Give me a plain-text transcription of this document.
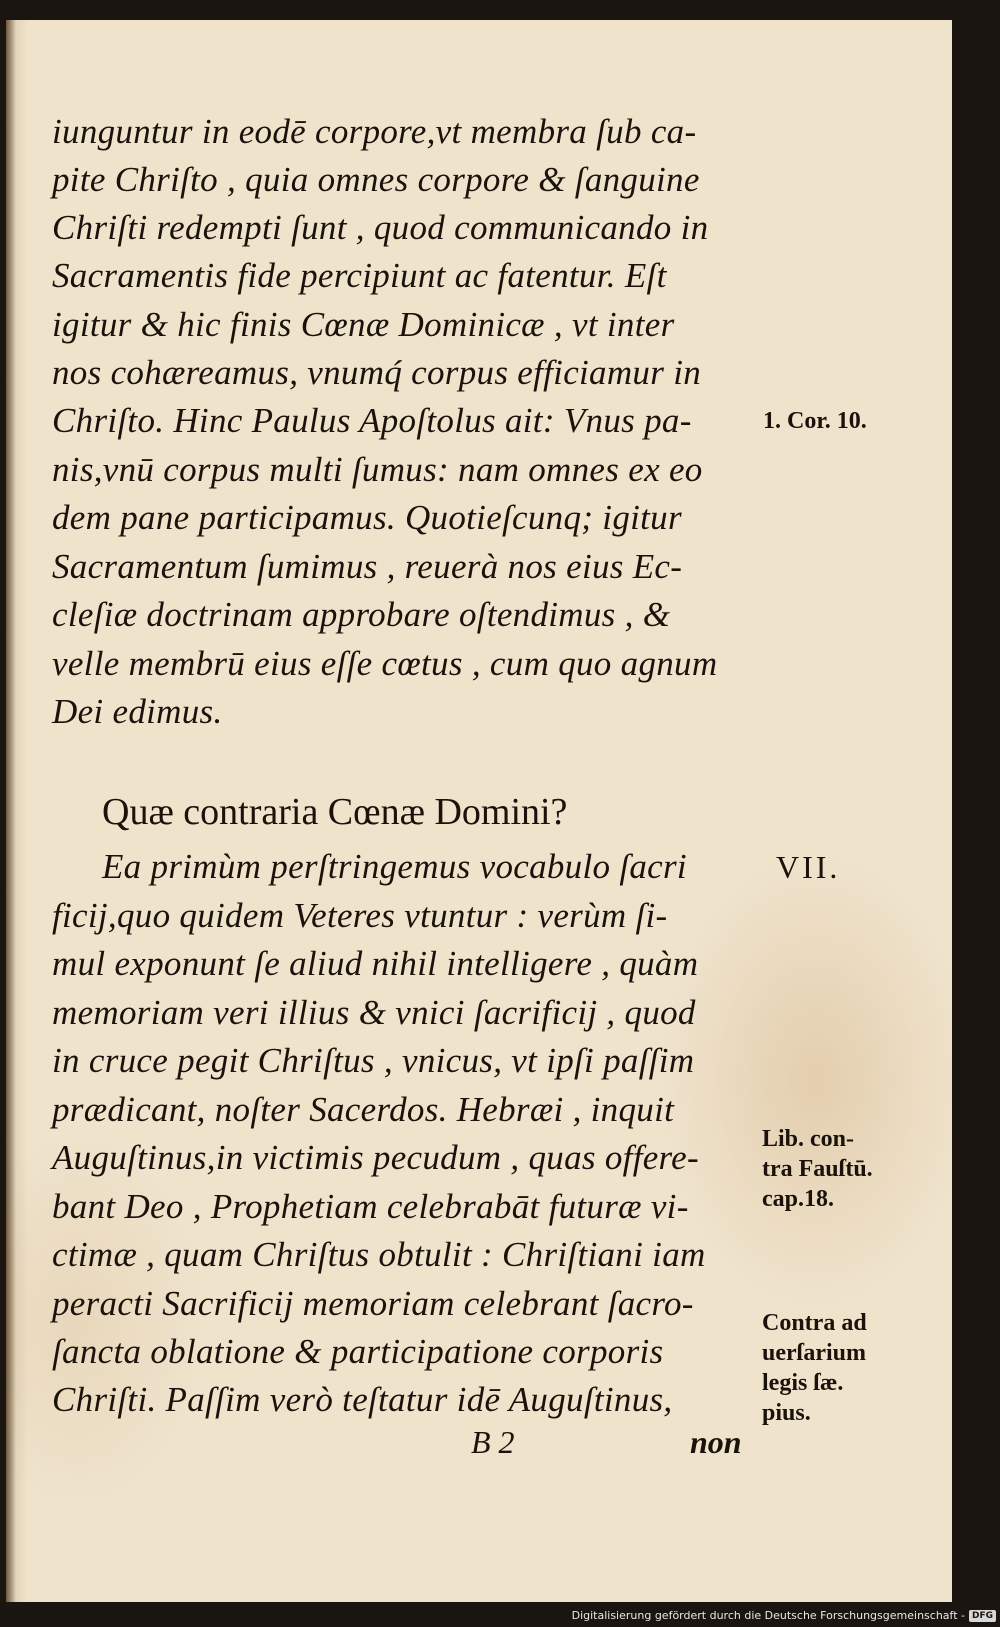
iunguntur in eodē corpore,vt membra ſub ca-

pite Chriſto , quia omnes corpore & ſanguine

Chriſti redempti ſunt , quod communicando in

Sacramentis fide percipiunt ac fatentur. Eſt

igitur & hic finis Cœnæ Dominicæ , vt inter

nos cohæreamus, vnumq́ corpus efficiamur in

Chriſto. Hinc Paulus Apoſtolus ait: Vnus pa-

nis,vnū corpus multi ſumus: nam omnes ex eo

dem pane participamus. Quotieſcunq; igitur

Sacramentum ſumimus , reuerà nos eius Ec-

cleſiæ doctrinam approbare oſtendimus , &

velle membrū eius eſſe cœtus , cum quo agnum

Dei edimus.

Quæ contraria Cœnæ Domini?

Ea primùm perſtringemus vocabulo ſacri

ficij,quo quidem Veteres vtuntur : verùm ſi-

mul exponunt ſe aliud nihil intelligere , quàm

memoriam veri illius & vnici ſacrificij , quod

in cruce pegit Chriſtus , vnicus, vt ipſi paſſim

prædicant, noſter Sacerdos. Hebræi , inquit

Auguſtinus,in victimis pecudum , quas offere-

bant Deo , Prophetiam celebrabāt futuræ vi-

ctimæ , quam Chriſtus obtulit : Chriſtiani iam

peracti Sacrificij memoriam celebrant ſacro-

ſancta oblatione & participatione corporis

Chriſti. Paſſim verò teſtatur idē Auguſtinus,

1. Cor. 10.

VII.

Lib. con-

tra Fauſtū.

cap.18.

Contra ad

uerſarium

legis ſæ.

pius.

B 2	non

Digitalisierung gefördert durch die Deutsche Forschungsgemeinschaft - DFG
